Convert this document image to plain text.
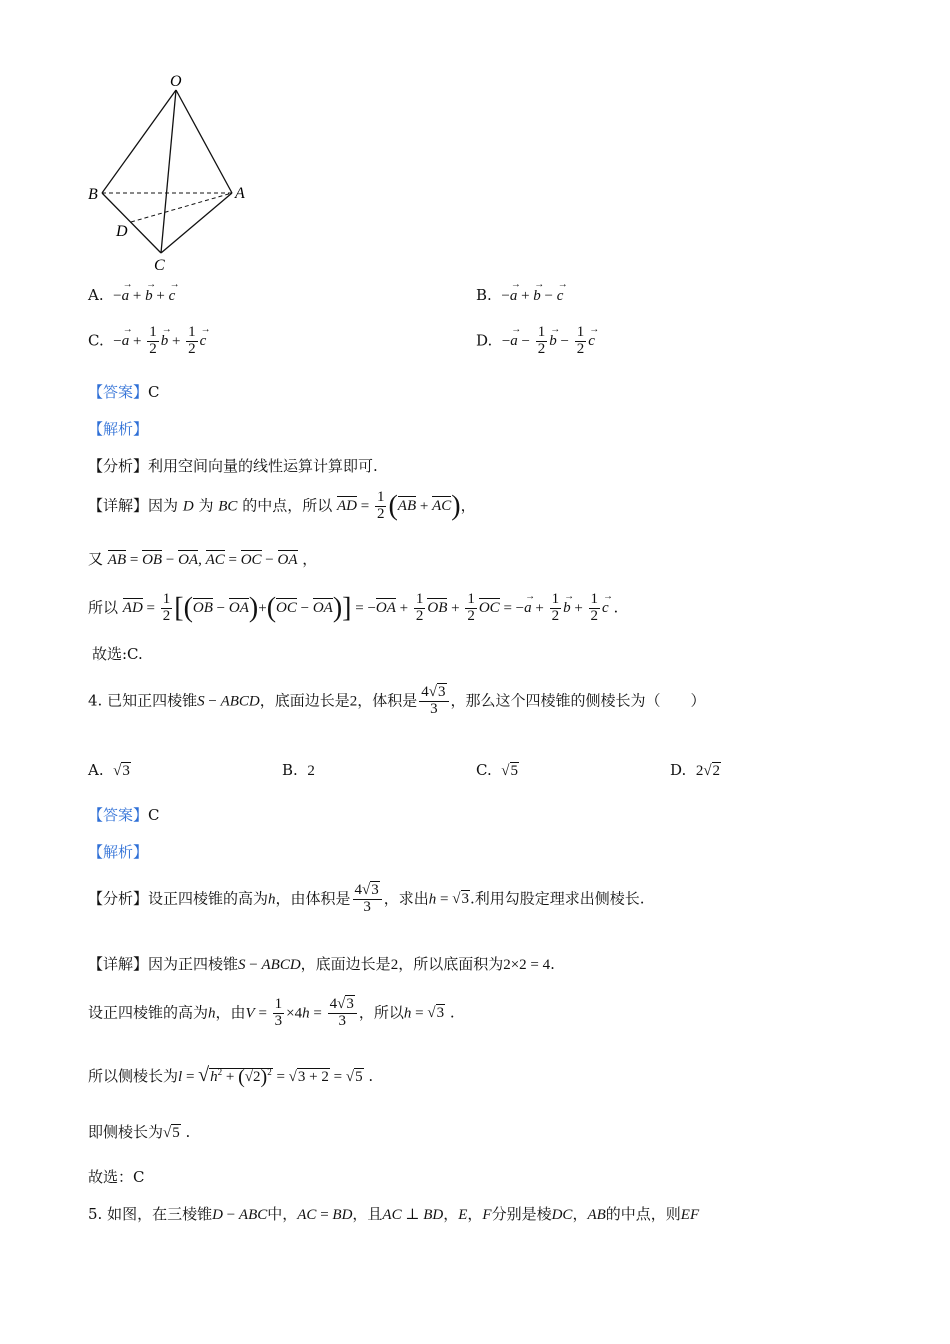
O
B	A
D
C
A. −→ a + → b + → c	B. −→ a + → b − → c
C. −→ $a + \frac{1}{2}$
→ $b + \frac{1}{2}$
→ c	D. −→ $a - \frac{1}{2}$
→ $b - \frac{1}{2}$
→ c
【答案】C
【解析】
【分析】利用空间向量的线性运算计算即可.
【详解】因为 D 为 BC 的中点，所以 AD = $\frac{1}{2} (AB + AC)$，
又 AB = OB − OA, AC = OC − OA ，
所以 AD = $\frac{1}{2} [(OB - OA)+(OC - OA)] = -OA + \frac{1}{2}$ OB + $\frac{1}{2}$ OC = −→ $a + \frac{1}{2}$
→ $b + \frac{1}{2}$
→ c .
故选:C.
4. 已知正四棱锥S − ABCD，底面边长是2，体积是 $\frac{4√3}{3}$ ，那么这个四棱锥的侧棱长为（　　）
A. √3	B. 2	C. √5	D. 2√2
【答案】C
【解析】
【分析】设正四棱锥的高为h，由体积是 $\frac{4√3}{3}$ ，求出h = √3.利用勾股定理求出侧棱长.
【详解】因为正四棱锥S − ABCD，底面边长是2，所以底面积为2×2 = 4.
设正四棱锥的高为h，由$V = \frac{1}{3} \times 4h = \frac{4√3}{3}$ ，所以h = √3 .
所以侧棱长为$l = √h^2 + (√2)^2 = √3 + 2 = √5$ .
即侧棱长为√5 .
故选：C
5. 如图，在三棱锥D − ABC中，AC = BD，且AC ⊥ BD，E，F分别是棱DC，AB的中点，则EF
